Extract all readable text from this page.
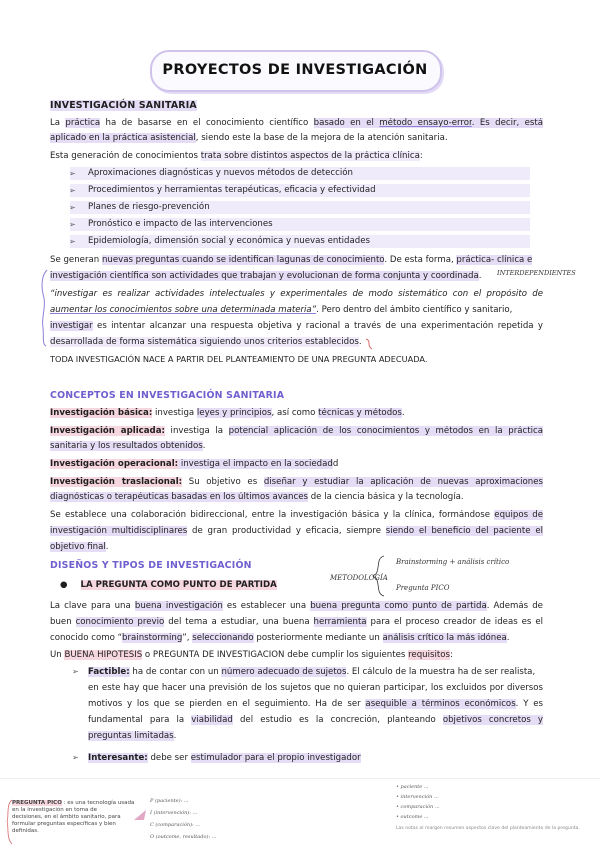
PROYECTOS DE INVESTIGACIÓN
INVESTIGACIÓN SANITARIA
La práctica ha de basarse en el conocimiento científico basado en el método ensayo-error. Es decir, está
aplicado en la práctica asistencial, siendo este la base de la mejora de la atención sanitaria.
Esta generación de conocimientos trata sobre distintos aspectos de la práctica clínica:
➢ Aproximaciones diagnósticas y nuevos métodos de detección
➢ Procedimientos y herramientas terapéuticas, eficacia y efectividad
➢ Planes de riesgo-prevención
➢ Pronóstico e impacto de las intervenciones
➢ Epidemiología, dimensión social y económica y nuevas entidades
Se generan nuevas preguntas cuando se identifican lagunas de conocimiento. De esta forma, práctica- clínica e
investigación científica son actividades que trabajan y evolucionan de forma conjunta y coordinada.	INTERDEPENDIENTES
“investigar es realizar actividades intelectuales y experimentales de modo sistemático con el propósito de
aumentar los conocimientos sobre una determinada materia”. Pero dentro del ámbito científico y sanitario,
investigar es intentar alcanzar una respuesta objetiva y racional a través de una experimentación repetida y
desarrollada de forma sistemática siguiendo unos criterios establecidos.
TODA INVESTIGACIÓN NACE A PARTIR DEL PLANTEAMIENTO DE UNA PREGUNTA ADECUADA.
CONCEPTOS EN INVESTIGACIÓN SANITARIA
Investigación básica: investiga leyes y principios, así como técnicas y métodos.
Investigación aplicada: investiga la potencial aplicación de los conocimientos y métodos en la práctica
sanitaria y los resultados obtenidos.
Investigación operacional: investiga el impacto en la sociedadd
Investigación traslacional: Su objetivo es diseñar y estudiar la aplicación de nuevas aproximaciones
diagnósticas o terapéuticas basadas en los últimos avances de la ciencia básica y la tecnología.
Se establece una colaboración bidireccional, entre la investigación básica y la clínica, formándose equipos de
investigación multidisciplinares de gran productividad y eficacia, siempre siendo el beneficio del paciente el
objetivo final.
DISEÑOS Y TIPOS DE INVESTIGACIÓN
● LA PREGUNTA COMO PUNTO DE PARTIDA
METODOLOGÍA
Brainstorming + análisis crítico
Pregunta PICO
La clave para una buena investigación es establecer una buena pregunta como punto de partida. Además de
buen conocimiento previo del tema a estudiar, una buena herramienta para el proceso creador de ideas es el
conocido como “brainstorming”, seleccionando posteriormente mediante un análisis crítico la más idónea.
Un BUENA HIPÓTESIS o PREGUNTA DE INVESTIGACIÓN debe cumplir los siguientes requisitos:
➢ Factible: ha de contar con un número adecuado de sujetos. El cálculo de la muestra ha de ser realista,
en este hay que hacer una previsión de los sujetos que no quieran participar, los excluidos por diversos
motivos y los que se pierden en el seguimiento. Ha de ser asequible a términos económicos. Y es
fundamental para la viabilidad del estudio es la concreción, planteando objetivos concretos y
preguntas limitadas.
➢ Interesante: debe ser estimulador para el propio investigador
PREGUNTA PICO : es una tecnología usada
en la investigación en toma de
decisiones, en el ámbito sanitario, para
formular preguntas específicas y bien
definidas.
P (paciente): ...
I (intervención): ...
C (comparación): ...
O (outcome, resultado): ...
• paciente ...
• intervención ...
• comparación ...
• outcome ...
Las notas al margen resumen aspectos clave del planteamiento de la pregunta.
